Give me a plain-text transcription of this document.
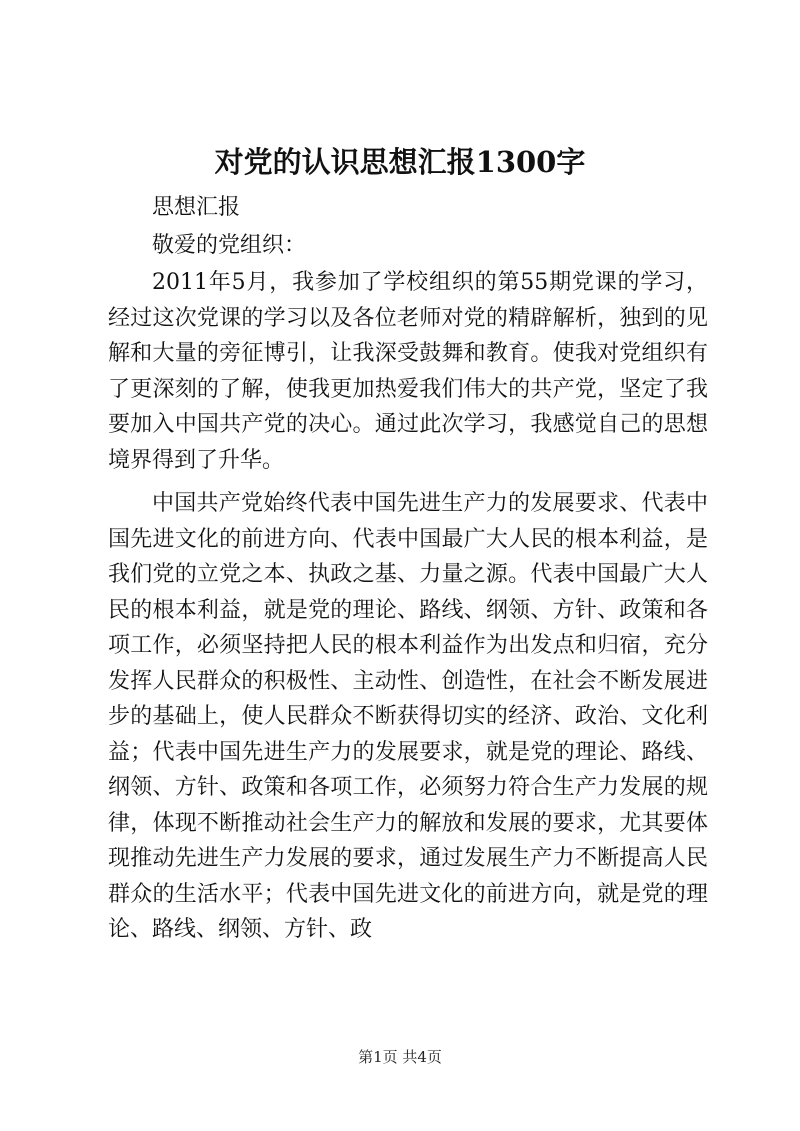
对党的认识思想汇报1300字

思想汇报

敬爱的党组织：

2011年5月，我参加了学校组织的第55期党课的学习，经过这次党课的学习以及各位老师对党的精辟解析，独到的见解和大量的旁征博引，让我深受鼓舞和教育。使我对党组织有了更深刻的了解，使我更加热爱我们伟大的共产党，坚定了我要加入中国共产党的决心。通过此次学习，我感觉自己的思想境界得到了升华。

中国共产党始终代表中国先进生产力的发展要求、代表中国先进文化的前进方向、代表中国最广大人民的根本利益，是我们党的立党之本、执政之基、力量之源。代表中国最广大人民的根本利益，就是党的理论、路线、纲领、方针、政策和各项工作，必须坚持把人民的根本利益作为出发点和归宿，充分发挥人民群众的积极性、主动性、创造性，在社会不断发展进步的基础上，使人民群众不断获得切实的经济、政治、文化利益；代表中国先进生产力的发展要求，就是党的理论、路线、纲领、方针、政策和各项工作，必须努力符合生产力发展的规律，体现不断推动社会生产力的解放和发展的要求，尤其要体现推动先进生产力发展的要求，通过发展生产力不断提高人民群众的生活水平；代表中国先进文化的前进方向，就是党的理论、路线、纲领、方针、政

第1页 共4页
